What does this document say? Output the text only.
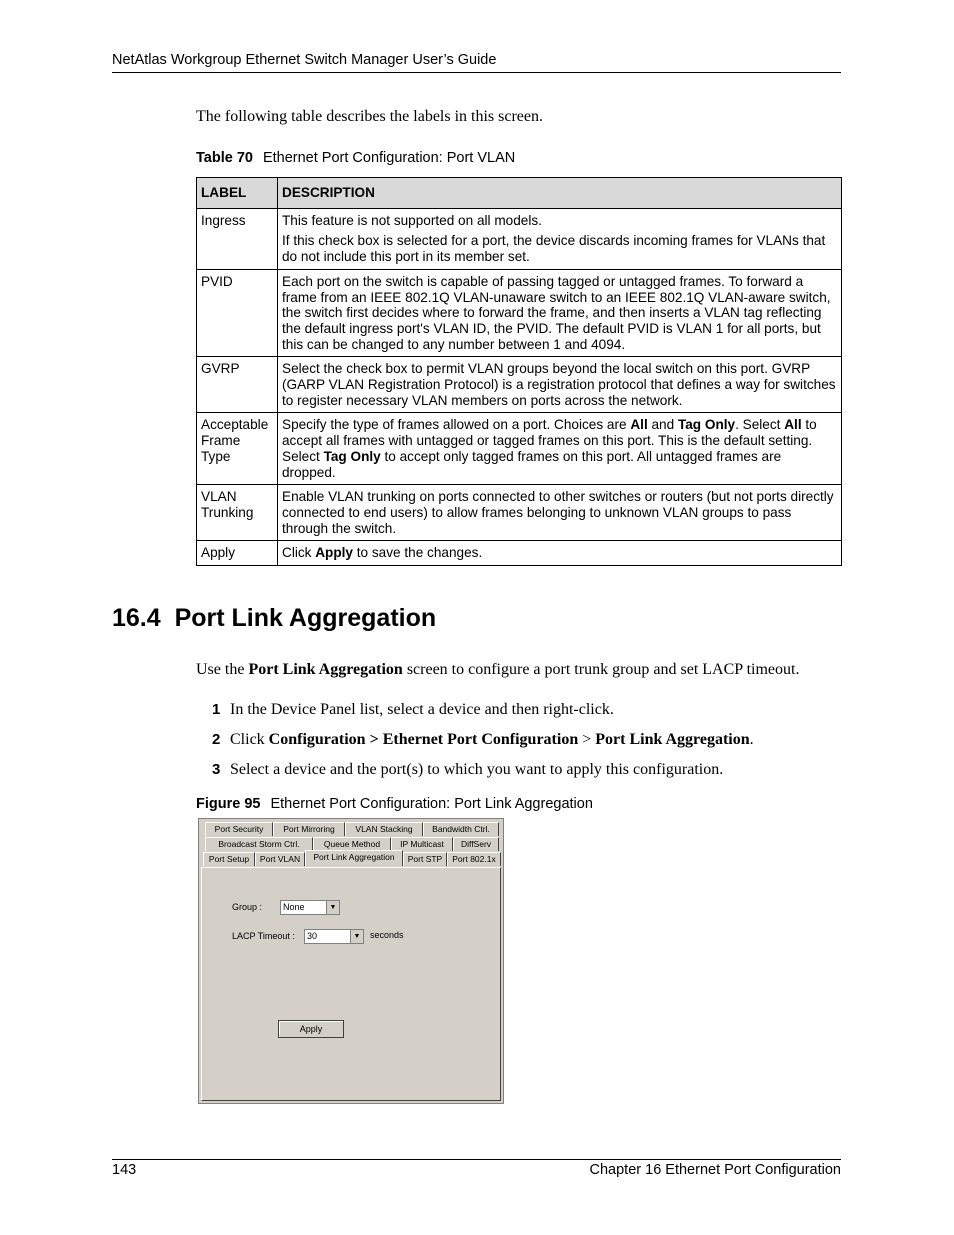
NetAtlas Workgroup Ethernet Switch Manager User’s Guide
The following table describes the labels in this screen.
Table 70 Ethernet Port Configuration: Port VLAN
LABEL	DESCRIPTION
Ingress	This feature is not supported on all models.

If this check box is selected for a port, the device discards incoming frames for VLANs that do not include this port in its member set.

PVID	Each port on the switch is capable of passing tagged or untagged frames. To forward a frame from an IEEE 802.1Q VLAN-unaware switch to an IEEE 802.1Q VLAN-aware switch, the switch first decides where to forward the frame, and then inserts a VLAN tag reflecting the default ingress port's VLAN ID, the PVID. The default PVID is VLAN 1 for all ports, but this can be changed to any number between 1 and 4094.

GVRP	Select the check box to permit VLAN groups beyond the local switch on this port. GVRP (GARP VLAN Registration Protocol) is a registration protocol that defines a way for switches to register necessary VLAN members on ports across the network.

Acceptable Frame Type	Specify the type of frames allowed on a port. Choices are All and Tag Only. Select All to accept all frames with untagged or tagged frames on this port. This is the default setting. Select Tag Only to accept only tagged frames on this port. All untagged frames are dropped.

VLAN Trunking	Enable VLAN trunking on ports connected to other switches or routers (but not ports directly connected to end users) to allow frames belonging to unknown VLAN groups to pass through the switch.

Apply	Click Apply to save the changes.

16.4 Port Link Aggregation
Use the Port Link Aggregation screen to configure a port trunk group and set LACP timeout.
1 In the Device Panel list, select a device and then right-click.
2 Click Configuration > Ethernet Port Configuration > Port Link Aggregation.
3 Select a device and the port(s) to which you want to apply this configuration.
Figure 95 Ethernet Port Configuration: Port Link Aggregation
Port Security	Port Mirroring	VLAN Stacking	Bandwidth Ctrl.
Broadcast Storm Ctrl.	Queue Method	IP Multicast	DiffServ
Port Setup	Port VLAN	Port Link Aggregation	Port STP	Port 802.1x
Group :	None	▼
LACP Timeout :	30	▼ seconds
Apply
143	Chapter 16 Ethernet Port Configuration
